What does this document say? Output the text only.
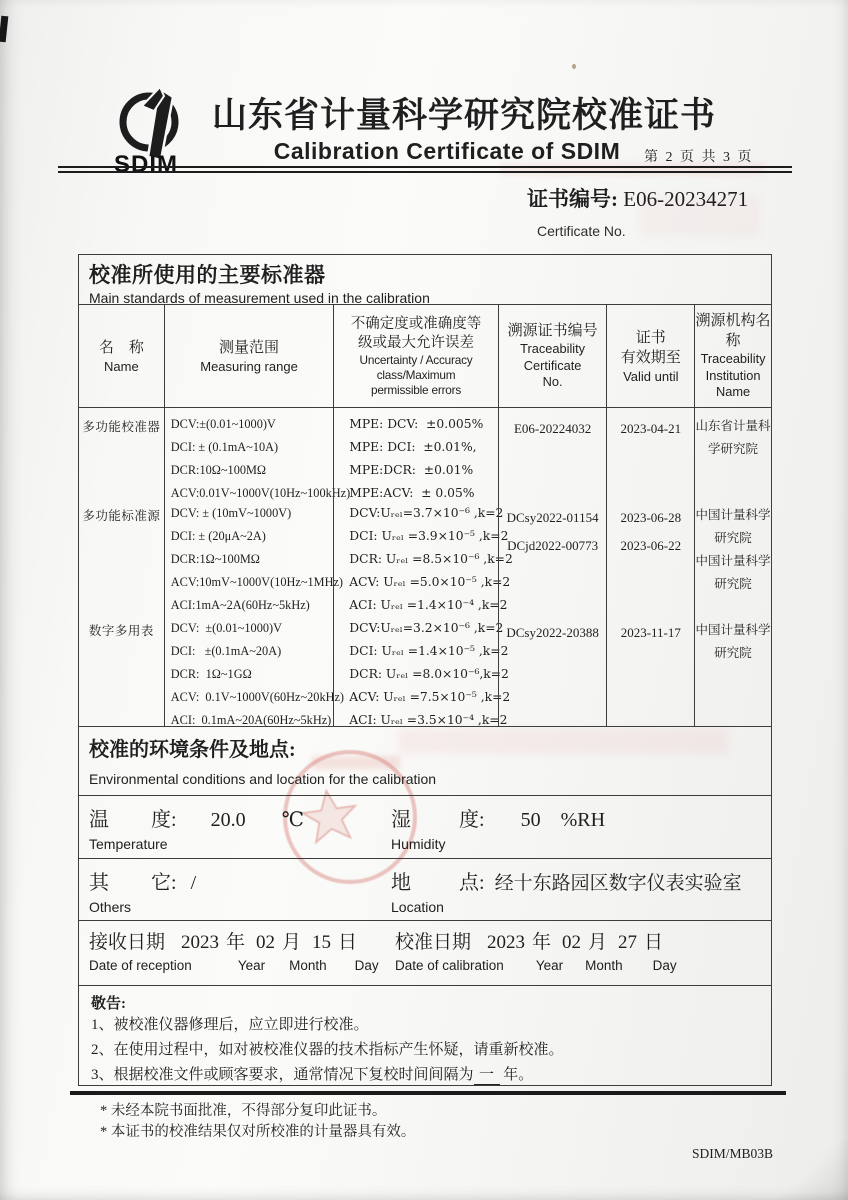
SDIM
山东省计量科学研究院校准证书
Calibration Certificate of SDIM	第 2 页 共 3 页
证书编号: E06-20234271
Certificate No.
校准所使用的主要标准器
Main standards of measurement used in the calibration
名　称
Name
测量范围
Measuring range
不确定度或准确度等
级或最大允许误差
Uncertainty / Accuracy
class/Maximum
permissible errors
溯源证书编号
Traceability
Certificate
No.
证书
有效期至
Valid until
溯源机构名
称
Traceability
Institution
Name
多功能校准器
多功能标准源
数字多用表
DCV:±(0.01~1000)V
DCI: ± (0.1mA~10A)
DCR:10Ω~100MΩ
ACV:0.01V~1000V(10Hz~100kHz)
DCV: ± (10mV~1000V)
DCI: ± (20μA~2A)
DCR:1Ω~100MΩ
ACV:10mV~1000V(10Hz~1MHz)
ACI:1mA~2A(60Hz~5kHz)
DCV:  ±(0.01~1000)V
DCI:   ±(0.1mA~20A)
DCR:  1Ω~1GΩ
ACV:  0.1V~1000V(60Hz~20kHz)
ACI:  0.1mA~20A(60Hz~5kHz)
MPE: DCV:  ±0.005%
MPE: DCI:  ±0.01%,
MPE:DCR:  ±0.01%
MPE:ACV:  ± 0.05%
DCV:Uᵣₑₗ=3.7×10⁻⁶ ,k=2
DCI: Uᵣₑₗ =3.9×10⁻⁵ ,k=2
DCR: Uᵣₑₗ =8.5×10⁻⁶ ,k=2
ACV: Uᵣₑₗ =5.0×10⁻⁵ ,k=2
ACI: Uᵣₑₗ =1.4×10⁻⁴ ,k=2
DCV:Uᵣₑₗ=3.2×10⁻⁶ ,k=2
DCI: Uᵣₑₗ =1.4×10⁻⁵ ,k=2
DCR: Uᵣₑₗ =8.0×10⁻⁶,k=2
ACV: Uᵣₑₗ =7.5×10⁻⁵ ,k=2
ACI: Uᵣₑₗ =3.5×10⁻⁴ ,k=2
E06-20224032
DCsy2022-01154
DCjd2022-00773
DCsy2022-20388
2023-04-21
2023-06-28
2023-06-22
2023-11-17
山东省计量科
学研究院
中国计量科学
研究院
中国计量科学
研究院
中国计量科学
研究院
校准的环境条件及地点:
Environmental conditions and location for the calibration
温 度: 20.0 ℃
Temperature
湿 度: 50 %RH
Humidity
其 它: /
Others
地 点: 经十东路园区数字仪表实验室
Location
接收日期 2023 年 02 月 15 日
Date of reception	Year Month Day
校准日期 2023 年 02 月 27 日
Date of calibration Year Month Day
敬告:
1、被校准仪器修理后，应立即进行校准。
2、在使用过程中，如对被校准仪器的技术指标产生怀疑，请重新校准。
3、根据校准文件或顾客要求，通常情况下复校时间间隔为 一 年。
* 未经本院书面批准，不得部分复印此证书。
* 本证书的校准结果仅对所校准的计量器具有效。
SDIM/MB03B
